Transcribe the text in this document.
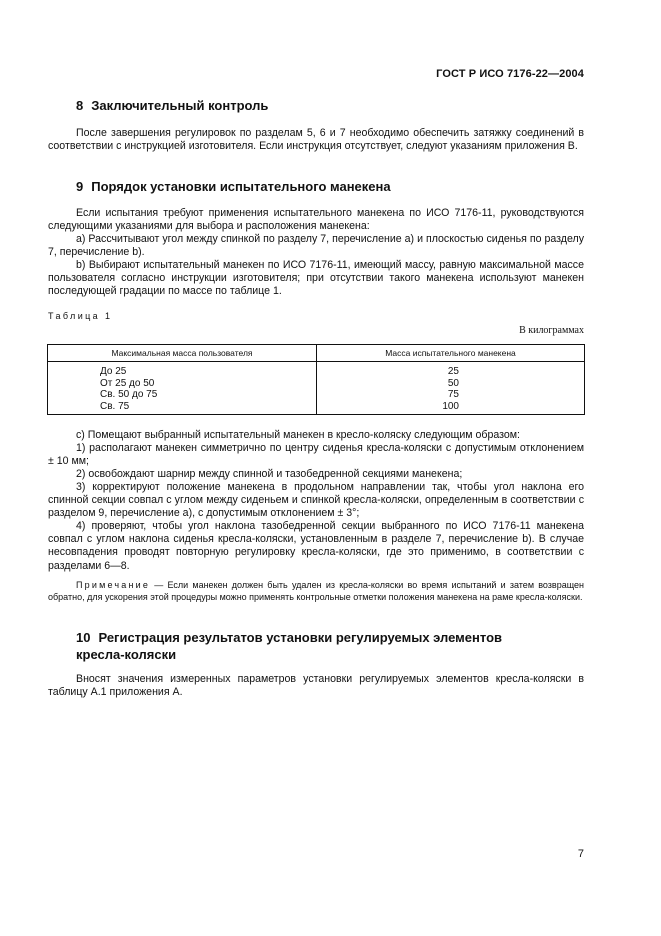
ГОСТ Р ИСО 7176-22—2004
8 Заключительный контроль
После завершения регулировок по разделам 5, 6 и 7 необходимо обеспечить затяжку соединений в соответствии с инструкцией изготовителя. Если инструкция отсутствует, следуют указаниям приложения В.
9 Порядок установки испытательного манекена
Если испытания требуют применения испытательного манекена по ИСО 7176-11, руководствуются следующими указаниями для выбора и расположения манекена:
a) Рассчитывают угол между спинкой по разделу 7, перечисление a) и плоскостью сиденья по разделу 7, перечисление b).
b) Выбирают испытательный манекен по ИСО 7176-11, имеющий массу, равную максимальной массе пользователя согласно инструкции изготовителя; при отсутствии такого манекена используют манекен последующей градации по массе по таблице 1.
Таблица 1
В килограммах
Максимальная масса пользователя	Масса испытательного манекена
До 25	25
От 25 до 50	50
Св. 50 до 75	75
Св. 75	100
c) Помещают выбранный испытательный манекен в кресло-коляску следующим образом:
1) располагают манекен симметрично по центру сиденья кресла-коляски с допустимым отклонением ± 10 мм;
2) освобождают шарнир между спинной и тазобедренной секциями манекена;
3) корректируют положение манекена в продольном направлении так, чтобы угол наклона его спинной секции совпал с углом между сиденьем и спинкой кресла-коляски, определенным в соответствии с разделом 9, перечисление a), с допустимым отклонением ± 3°;
4) проверяют, чтобы угол наклона тазобедренной секции выбранного по ИСО 7176-11 манекена совпал с углом наклона сиденья кресла-коляски, установленным в разделе 7, перечисление b). В случае несовпадения проводят повторную регулировку кресла-коляски, где это применимо, в соответствии с разделами 6—8.
Примечание — Если манекен должен быть удален из кресла-коляски во время испытаний и затем возвращен обратно, для ускорения этой процедуры можно применять контрольные отметки положения манекена на раме кресла-коляски.
10 Регистрация результатов установки регулируемых элементов
кресла-коляски
Вносят значения измеренных параметров установки регулируемых элементов кресла-коляски в таблицу А.1 приложения А.
7
